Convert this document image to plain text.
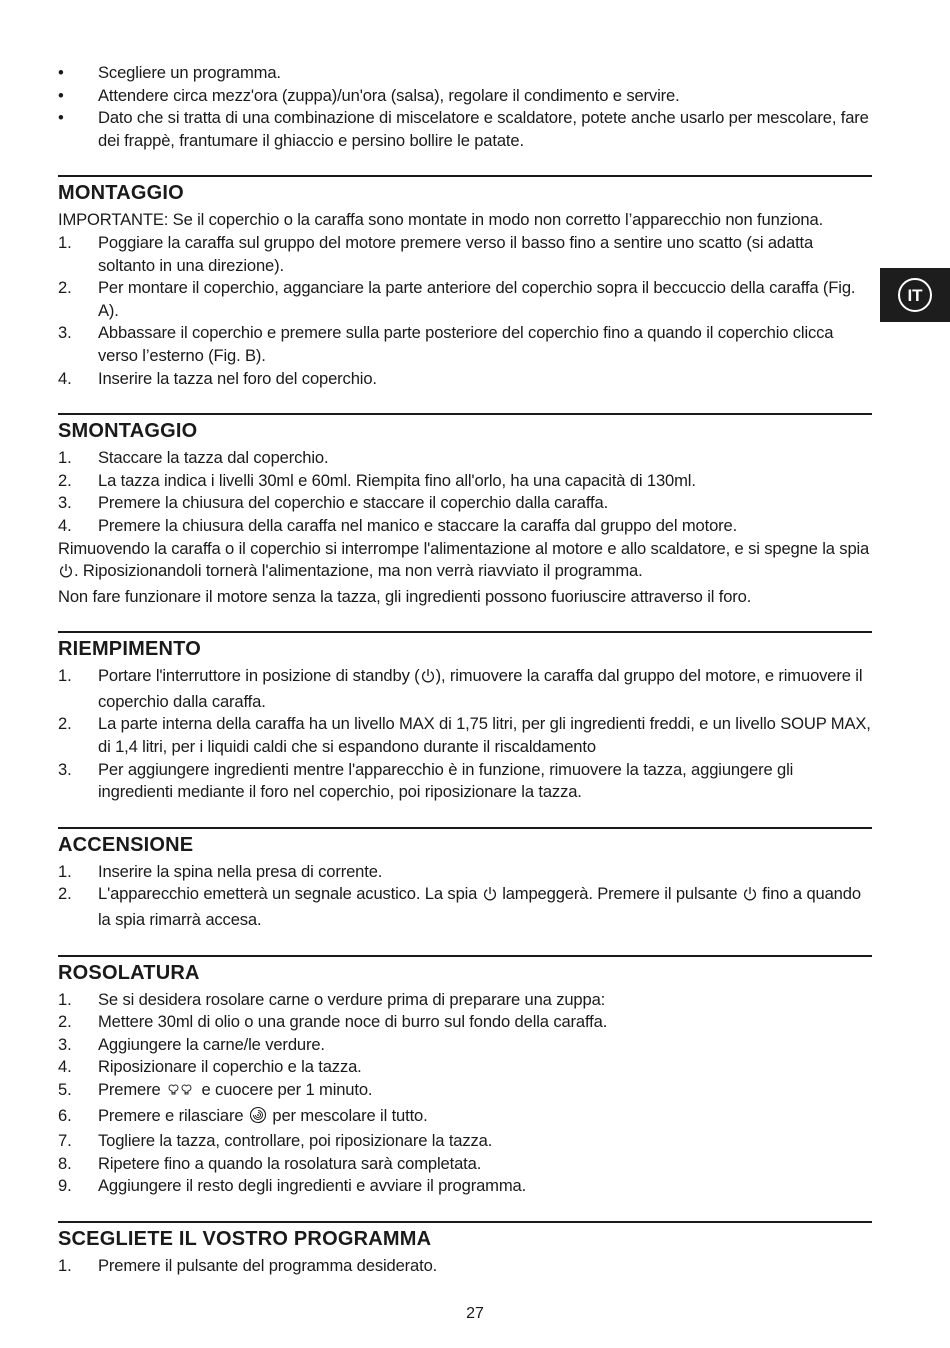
•	Scegliere un programma.
•	Attendere circa mezz'ora (zuppa)/un'ora (salsa), regolare il condimento e servire.
•	Dato che si tratta di una combinazione di miscelatore e scaldatore, potete anche usarlo per mescolare, fare dei frappè, frantumare il ghiaccio e persino bollire le patate.
MONTAGGIO
IMPORTANTE: Se il coperchio o la caraffa sono montate in modo non corretto l’apparecchio non funziona.
1. Poggiare la caraffa sul gruppo del motore premere verso il basso fino a sentire uno scatto (si adatta soltanto in una direzione).
2. Per montare il coperchio, agganciare la parte anteriore del coperchio sopra il beccuccio della caraffa (Fig. A).
3. Abbassare il coperchio e premere sulla parte posteriore del coperchio fino a quando il coperchio clicca verso l’esterno (Fig. B).
4. Inserire la tazza nel foro del coperchio.
SMONTAGGIO
1. Staccare la tazza dal coperchio.
2. La tazza indica i livelli 30ml e 60ml. Riempita fino all'orlo, ha una capacità di 130ml.
3. Premere la chiusura del coperchio e staccare il coperchio dalla caraffa.
4. Premere la chiusura della caraffa nel manico e staccare la caraffa dal gruppo del motore.
Rimuovendo la caraffa o il coperchio si interrompe l'alimentazione al motore e allo scaldatore, e si spegne la spia . Riposizionandoli tornerà l'alimentazione, ma non verrà riavviato il programma.
Non fare funzionare il motore senza la tazza, gli ingredienti possono fuoriuscire attraverso il foro.
RIEMPIMENTO
1. Portare l'interruttore in posizione di standby ( ), rimuovere la caraffa dal gruppo del motore, e rimuovere il coperchio dalla caraffa.
2. La parte interna della caraffa ha un livello MAX di 1,75 litri, per gli ingredienti freddi, e un livello SOUP MAX, di 1,4 litri, per i liquidi caldi che si espandono durante il riscaldamento
3. Per aggiungere ingredienti mentre l'apparecchio è in funzione, rimuovere la tazza, aggiungere gli ingredienti mediante il foro nel coperchio, poi riposizionare la tazza.
ACCENSIONE
1. Inserire la spina nella presa di corrente.
2. L'apparecchio emetterà un segnale acustico. La spia  lampeggerà. Premere il pulsante  fino a quando la spia rimarrà accesa.
ROSOLATURA
1. Se si desidera rosolare carne o verdure prima di preparare una zuppa:
2. Mettere 30ml di olio o una grande noce di burro sul fondo della caraffa.
3. Aggiungere la carne/le verdure.
4. Riposizionare il coperchio e la tazza.
5. Premere  e cuocere per 1 minuto.
6. Premere e rilasciare  per mescolare il tutto.
7. Togliere la tazza, controllare, poi riposizionare la tazza.
8. Ripetere fino a quando la rosolatura sarà completata.
9. Aggiungere il resto degli ingredienti e avviare il programma.
SCEGLIETE IL VOSTRO PROGRAMMA
1. Premere il pulsante del programma desiderato.
IT
27
